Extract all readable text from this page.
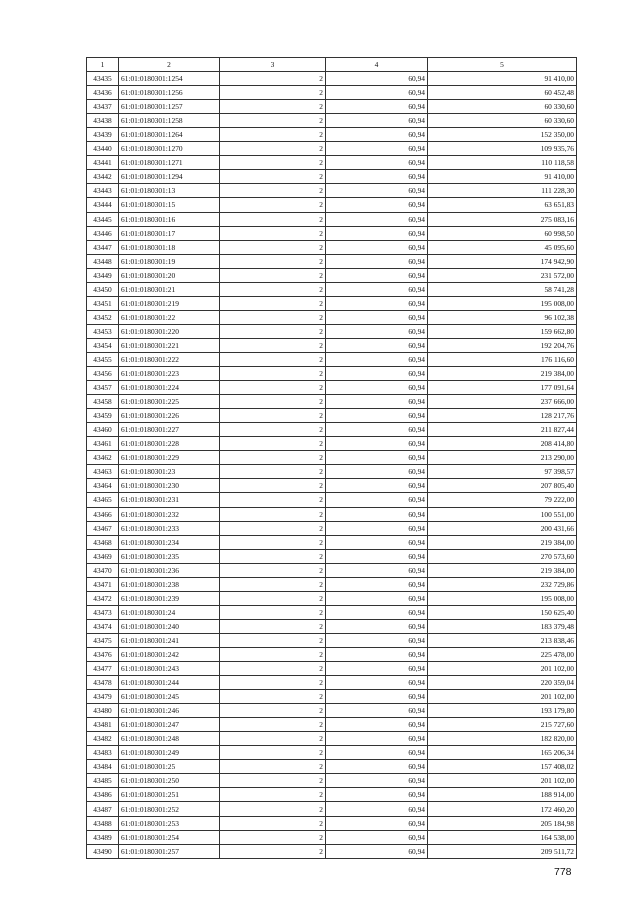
1	2	3	4	5
43435	61:01:0180301:1254	2	60,94	91 410,00
43436	61:01:0180301:1256	2	60,94	60 452,48
43437	61:01:0180301:1257	2	60,94	60 330,60
43438	61:01:0180301:1258	2	60,94	60 330,60
43439	61:01:0180301:1264	2	60,94	152 350,00
43440	61:01:0180301:1270	2	60,94	109 935,76
43441	61:01:0180301:1271	2	60,94	110 118,58
43442	61:01:0180301:1294	2	60,94	91 410,00
43443	61:01:0180301:13	2	60,94	111 228,30
43444	61:01:0180301:15	2	60,94	63 651,83
43445	61:01:0180301:16	2	60,94	275 083,16
43446	61:01:0180301:17	2	60,94	60 998,50
43447	61:01:0180301:18	2	60,94	45 095,60
43448	61:01:0180301:19	2	60,94	174 942,90
43449	61:01:0180301:20	2	60,94	231 572,00
43450	61:01:0180301:21	2	60,94	58 741,28
43451	61:01:0180301:219	2	60,94	195 008,00
43452	61:01:0180301:22	2	60,94	96 102,38
43453	61:01:0180301:220	2	60,94	159 662,80
43454	61:01:0180301:221	2	60,94	192 204,76
43455	61:01:0180301:222	2	60,94	176 116,60
43456	61:01:0180301:223	2	60,94	219 384,00
43457	61:01:0180301:224	2	60,94	177 091,64
43458	61:01:0180301:225	2	60,94	237 666,00
43459	61:01:0180301:226	2	60,94	128 217,76
43460	61:01:0180301:227	2	60,94	211 827,44
43461	61:01:0180301:228	2	60,94	208 414,80
43462	61:01:0180301:229	2	60,94	213 290,00
43463	61:01:0180301:23	2	60,94	97 398,57
43464	61:01:0180301:230	2	60,94	207 805,40
43465	61:01:0180301:231	2	60,94	79 222,00
43466	61:01:0180301:232	2	60,94	100 551,00
43467	61:01:0180301:233	2	60,94	200 431,66
43468	61:01:0180301:234	2	60,94	219 384,00
43469	61:01:0180301:235	2	60,94	270 573,60
43470	61:01:0180301:236	2	60,94	219 384,00
43471	61:01:0180301:238	2	60,94	232 729,86
43472	61:01:0180301:239	2	60,94	195 008,00
43473	61:01:0180301:24	2	60,94	150 625,40
43474	61:01:0180301:240	2	60,94	183 379,48
43475	61:01:0180301:241	2	60,94	213 838,46
43476	61:01:0180301:242	2	60,94	225 478,00
43477	61:01:0180301:243	2	60,94	201 102,00
43478	61:01:0180301:244	2	60,94	220 359,04
43479	61:01:0180301:245	2	60,94	201 102,00
43480	61:01:0180301:246	2	60,94	193 179,80
43481	61:01:0180301:247	2	60,94	215 727,60
43482	61:01:0180301:248	2	60,94	182 820,00
43483	61:01:0180301:249	2	60,94	165 206,34
43484	61:01:0180301:25	2	60,94	157 408,02
43485	61:01:0180301:250	2	60,94	201 102,00
43486	61:01:0180301:251	2	60,94	188 914,00
43487	61:01:0180301:252	2	60,94	172 460,20
43488	61:01:0180301:253	2	60,94	205 184,98
43489	61:01:0180301:254	2	60,94	164 538,00
43490	61:01:0180301:257	2	60,94	209 511,72
778
